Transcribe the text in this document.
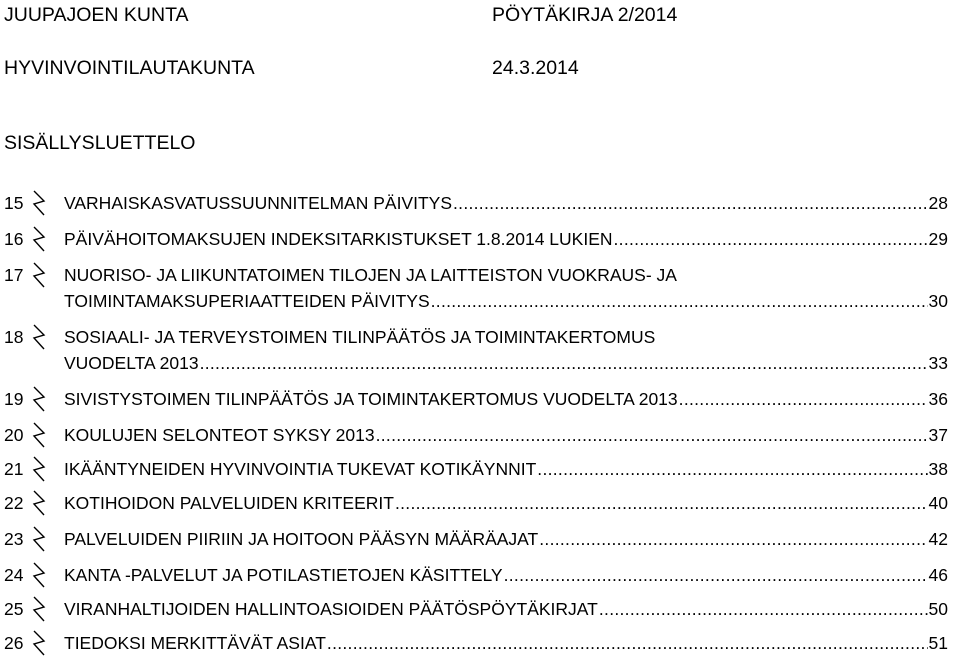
JUUPAJOEN KUNTA	PÖYTÄKIRJA 2/2014
HYVINVOINTILAUTAKUNTA	24.3.2014
SISÄLLYSLUETTELO
15 VARHAISKASVATUSSUUNNITELMAN PÄIVITYS .....	28
16 PÄIVÄHOITOMAKSUJEN INDEKSITARKISTUKSET 1.8.2014 LUKIEN .....	29
17 NUORISO- JA LIIKUNTATOIMEN TILOJEN JA LAITTEISTON VUOKRAUS- JA
TOIMINTAMAKSUPERIAATTEIDEN PÄIVITYS .....	30
18 SOSIAALI- JA TERVEYSTOIMEN TILINPÄÄTÖS JA TOIMINTAKERTOMUS
VUODELTA 2013 .....	33
19 SIVISTYSTOIMEN TILINPÄÄTÖS JA TOIMINTAKERTOMUS VUODELTA 2013 .....	36
20 KOULUJEN SELONTEOT SYKSY 2013 .....	37
21 IKÄÄNTYNEIDEN HYVINVOINTIA TUKEVAT KOTIKÄYNNIT .....	38
22 KOTIHOIDON PALVELUIDEN KRITEERIT .....	40
23 PALVELUIDEN PIIRIIN JA HOITOON PÄÄSYN MÄÄRÄAJAT .....	42
24 KANTA -PALVELUT JA POTILASTIETOJEN KÄSITTELY .....	46
25 VIRANHALTIJOIDEN HALLINTOASIOIDEN PÄÄTÖSPÖYTÄKIRJAT .....	50
26 TIEDOKSI MERKITTÄVÄT ASIAT .....	51
